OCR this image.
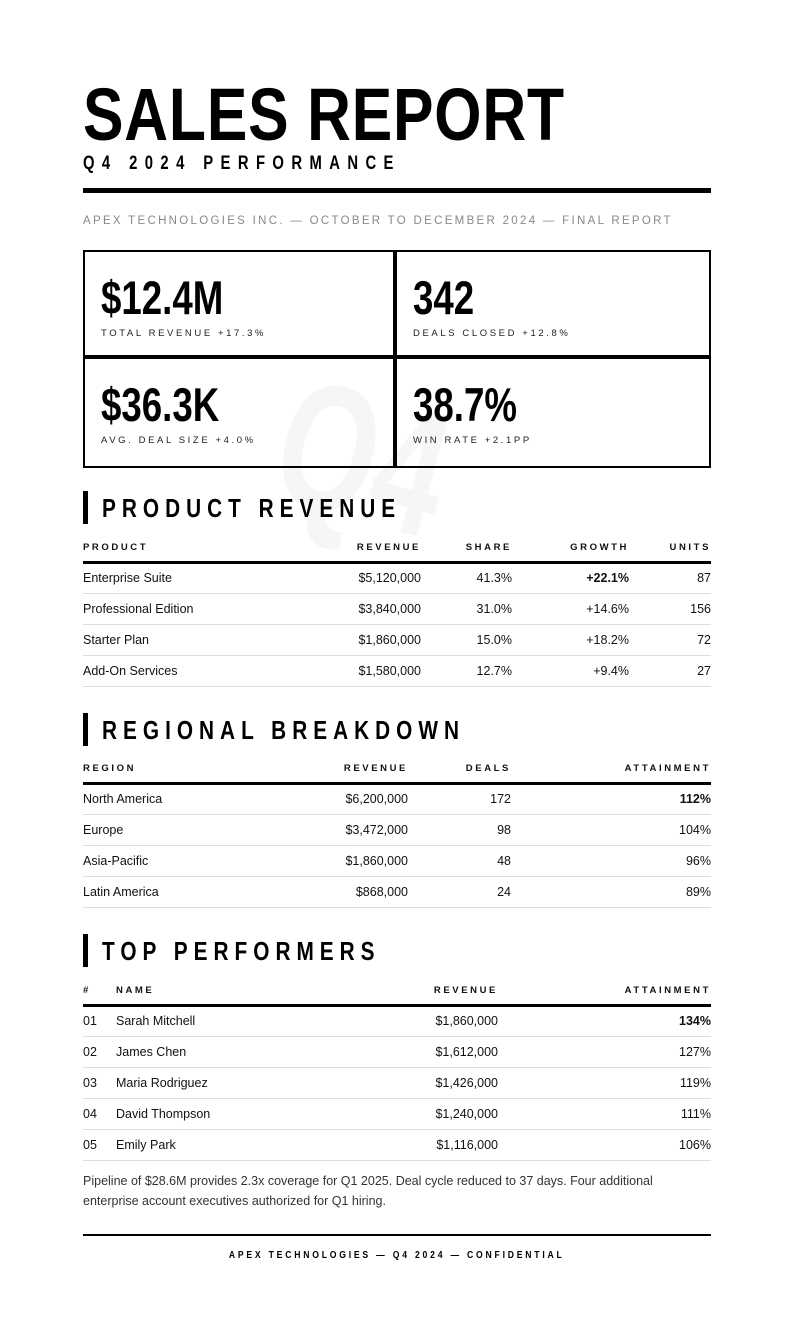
SALES REPORT
Q4 2024 PERFORMANCE
APEX TECHNOLOGIES INC. — OCTOBER TO DECEMBER 2024 — FINAL REPORT
$12.4M
TOTAL REVENUE +17.3%
342
DEALS CLOSED +12.8%
$36.3K
AVG. DEAL SIZE +4.0%
38.7%
WIN RATE +2.1PP
PRODUCT REVENUE
PRODUCT	REVENUE	SHARE	GROWTH	UNITS
Enterprise Suite	$5,120,000	41.3%	+22.1%	87
Professional Edition	$3,840,000	31.0%	+14.6%	156
Starter Plan	$1,860,000	15.0%	+18.2%	72
Add-On Services	$1,580,000	12.7%	+9.4%	27
REGIONAL BREAKDOWN
REGION	REVENUE	DEALS	ATTAINMENT
North America	$6,200,000	172	112%
Europe	$3,472,000	98	104%
Asia-Pacific	$1,860,000	48	96%
Latin America	$868,000	24	89%
TOP PERFORMERS
#	NAME	REVENUE	ATTAINMENT
01	Sarah Mitchell	$1,860,000	134%
02	James Chen	$1,612,000	127%
03	Maria Rodriguez	$1,426,000	119%
04	David Thompson	$1,240,000	111%
05	Emily Park	$1,116,000	106%

Pipeline of $28.6M provides 2.3x coverage for Q1 2025. Deal cycle reduced to 37 days. Four additional enterprise account executives authorized for Q1 hiring.

APEX TECHNOLOGIES — Q4 2024 — CONFIDENTIAL
